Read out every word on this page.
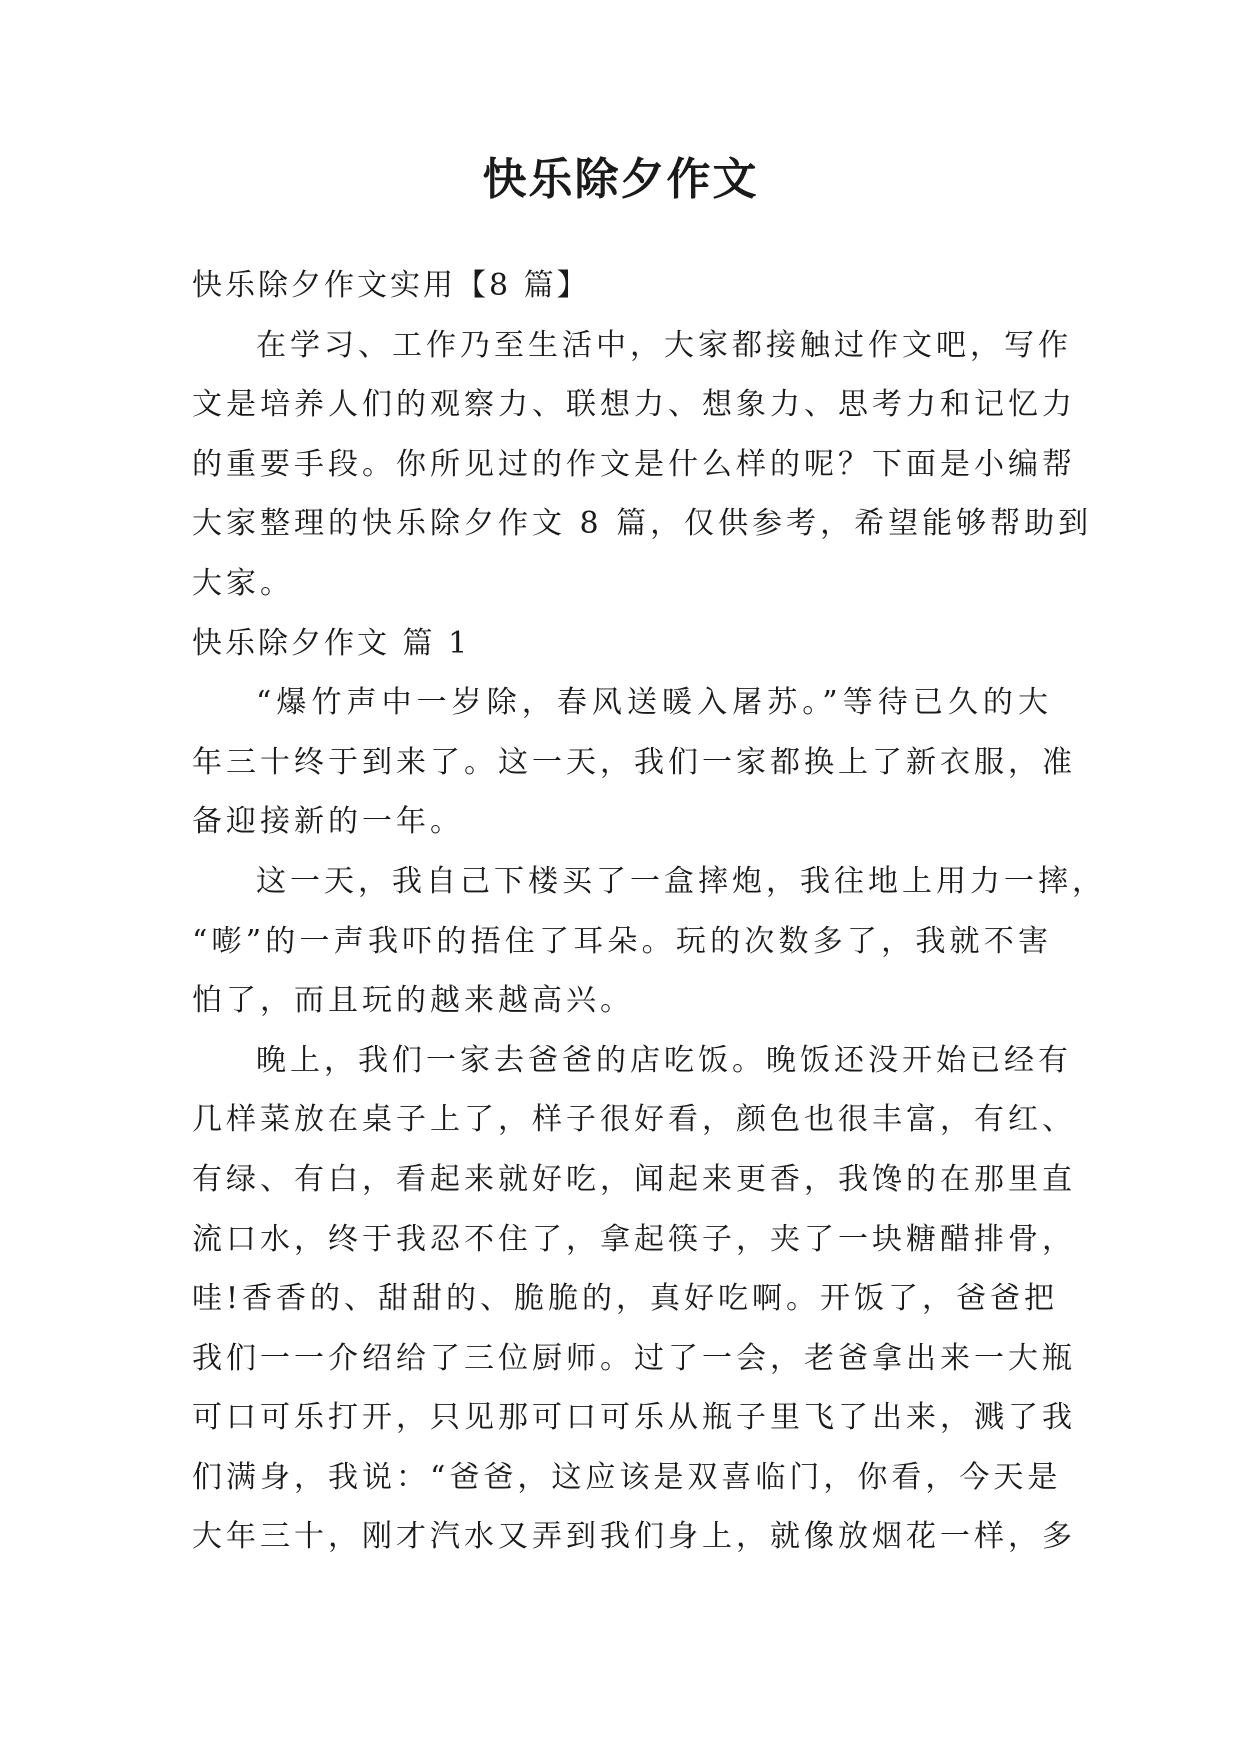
快乐除夕作文
快乐除夕作文实用【8 篇】
在学习、工作乃至生活中，大家都接触过作文吧，写作
文是培养人们的观察力、联想力、想象力、思考力和记忆力
的重要手段。你所见过的作文是什么样的呢？下面是小编帮
大家整理的快乐除夕作文 8 篇，仅供参考，希望能够帮助到
大家。
快乐除夕作文 篇 1
“爆竹声中一岁除，春风送暖入屠苏。”等待已久的大
年三十终于到来了。这一天，我们一家都换上了新衣服，准
备迎接新的一年。
这一天，我自己下楼买了一盒摔炮，我往地上用力一摔，
“嘭”的一声我吓的捂住了耳朵。玩的次数多了，我就不害
怕了，而且玩的越来越高兴。
晚上，我们一家去爸爸的店吃饭。晚饭还没开始已经有
几样菜放在桌子上了，样子很好看，颜色也很丰富，有红、
有绿、有白，看起来就好吃，闻起来更香，我馋的在那里直
流口水，终于我忍不住了，拿起筷子，夹了一块糖醋排骨，
哇!香香的、甜甜的、脆脆的，真好吃啊。开饭了，爸爸把
我们一一介绍给了三位厨师。过了一会，老爸拿出来一大瓶
可口可乐打开，只见那可口可乐从瓶子里飞了出来，溅了我
们满身，我说：“爸爸，这应该是双喜临门，你看，今天是
大年三十，刚才汽水又弄到我们身上，就像放烟花一样，多
